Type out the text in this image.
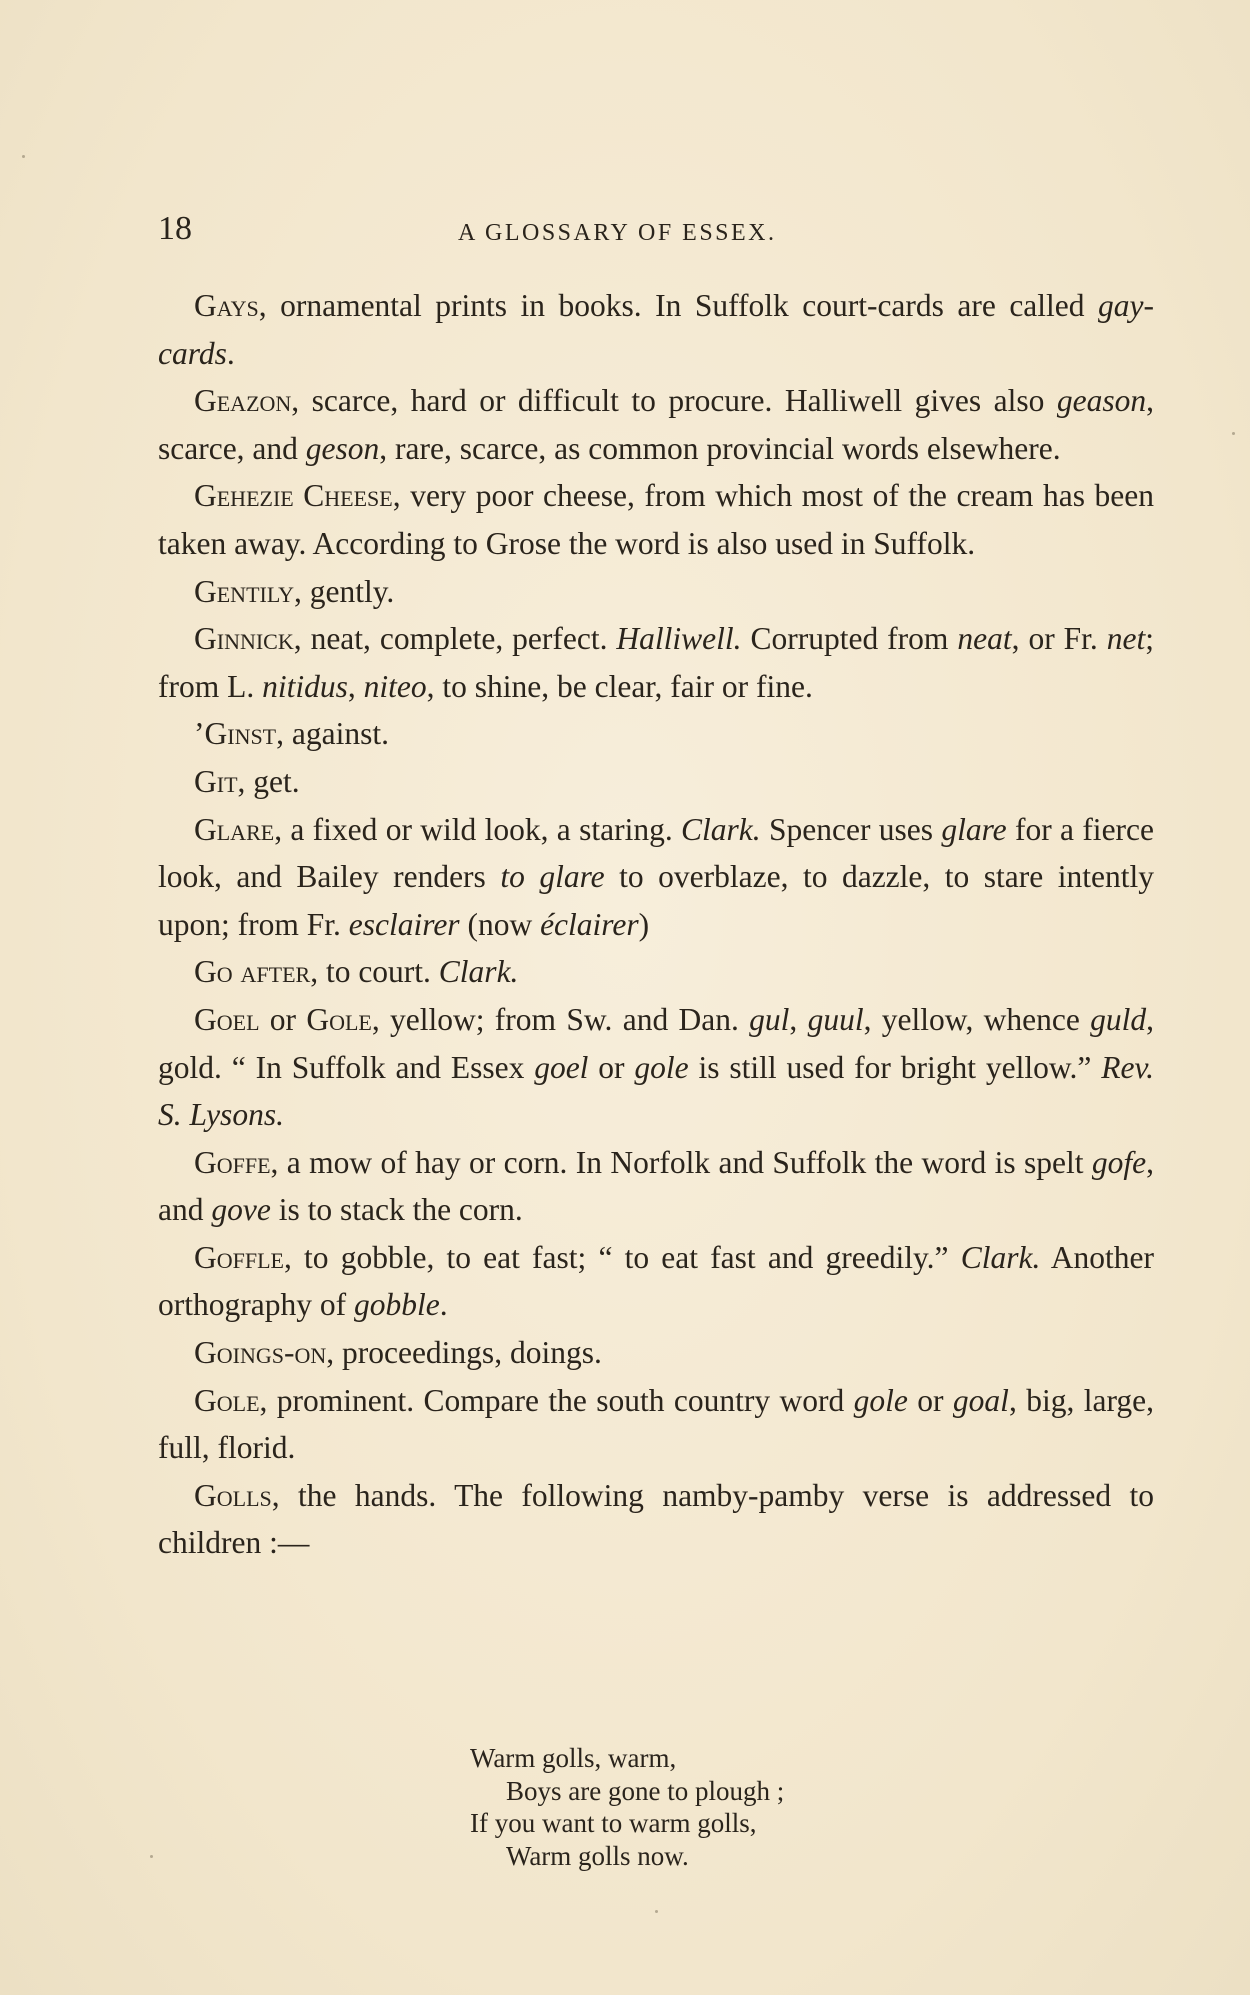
18	A GLOSSARY OF ESSEX.

Gays, ornamental prints in books. In Suffolk court-cards are called gay-cards.

Geazon, scarce, hard or difficult to procure. Halliwell gives also geason, scarce, and geson, rare, scarce, as common provincial words elsewhere.

Gehezie Cheese, very poor cheese, from which most of the cream has been taken away. According to Grose the word is also used in Suffolk.

Gentily, gently.

Ginnick, neat, complete, perfect. Halliwell. Corrupted from neat, or Fr. net; from L. nitidus, niteo, to shine, be clear, fair or fine.

’Ginst, against.

Git, get.

Glare, a fixed or wild look, a staring. Clark. Spencer uses glare for a fierce look, and Bailey renders to glare to overblaze, to dazzle, to stare intently upon; from Fr. esclairer (now éclairer)

Go after, to court. Clark.

Goel or Gole, yellow; from Sw. and Dan. gul, guul, yellow, whence guld, gold. “ In Suffolk and Essex goel or gole is still used for bright yellow.” Rev. S. Lysons.

Goffe, a mow of hay or corn. In Norfolk and Suffolk the word is spelt gofe, and gove is to stack the corn.

Goffle, to gobble, to eat fast; “ to eat fast and greedily.” Clark. Another orthography of gobble.

Goings-on, proceedings, doings.

Gole, prominent. Compare the south country word gole or goal, big, large, full, florid.

Golls, the hands. The following namby-pamby verse is addressed to children :—

Warm golls, warm,
Boys are gone to plough ;
If you want to warm golls,
Warm golls now.
